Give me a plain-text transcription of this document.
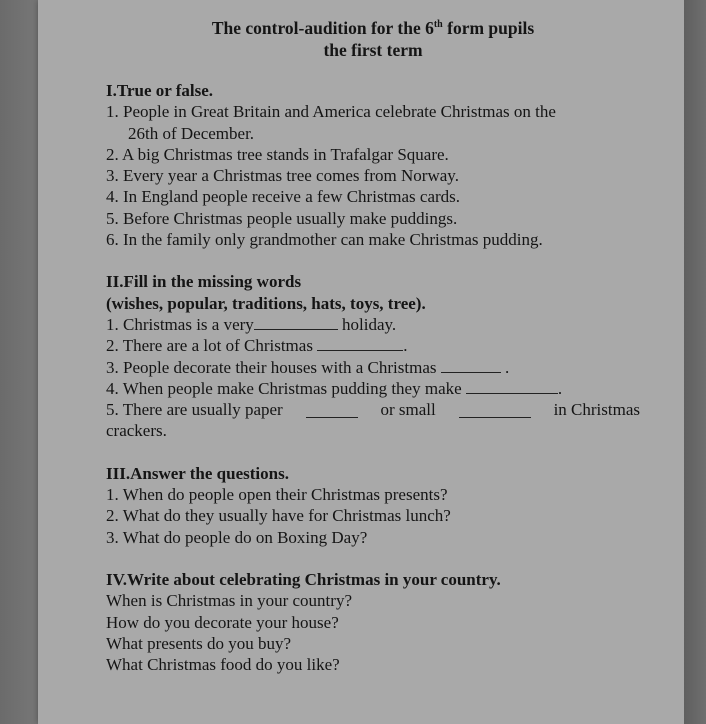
The control-audition for the 6th form pupils
the first term
I.True or false.
1. People in Great Britain and America celebrate Christmas on the
26th of December.
2. A big Christmas tree stands in Trafalgar Square.
3. Every year a Christmas tree comes from Norway.
4. In England people receive a few Christmas cards.
5. Before Christmas people usually make puddings.
6. In the family only grandmother can make Christmas pudding.
II.Fill in the missing words
(wishes, popular, traditions, hats, toys, tree).
1. Christmas is a very	holiday.
2. There are a lot of Christmas	.
3. People decorate their houses with a Christmas	.
4. When people make Christmas pudding they make	.
5. There are usually paper	or small	in Christmas
crackers.
III.Answer the questions.
1. When do people open their Christmas presents?
2. What do they usually have for Christmas lunch?
3. What do people do on Boxing Day?
IV.Write about celebrating Christmas in your country.
When is Christmas in your country?
How do you decorate your house?
What presents do you buy?
What Christmas food do you like?
